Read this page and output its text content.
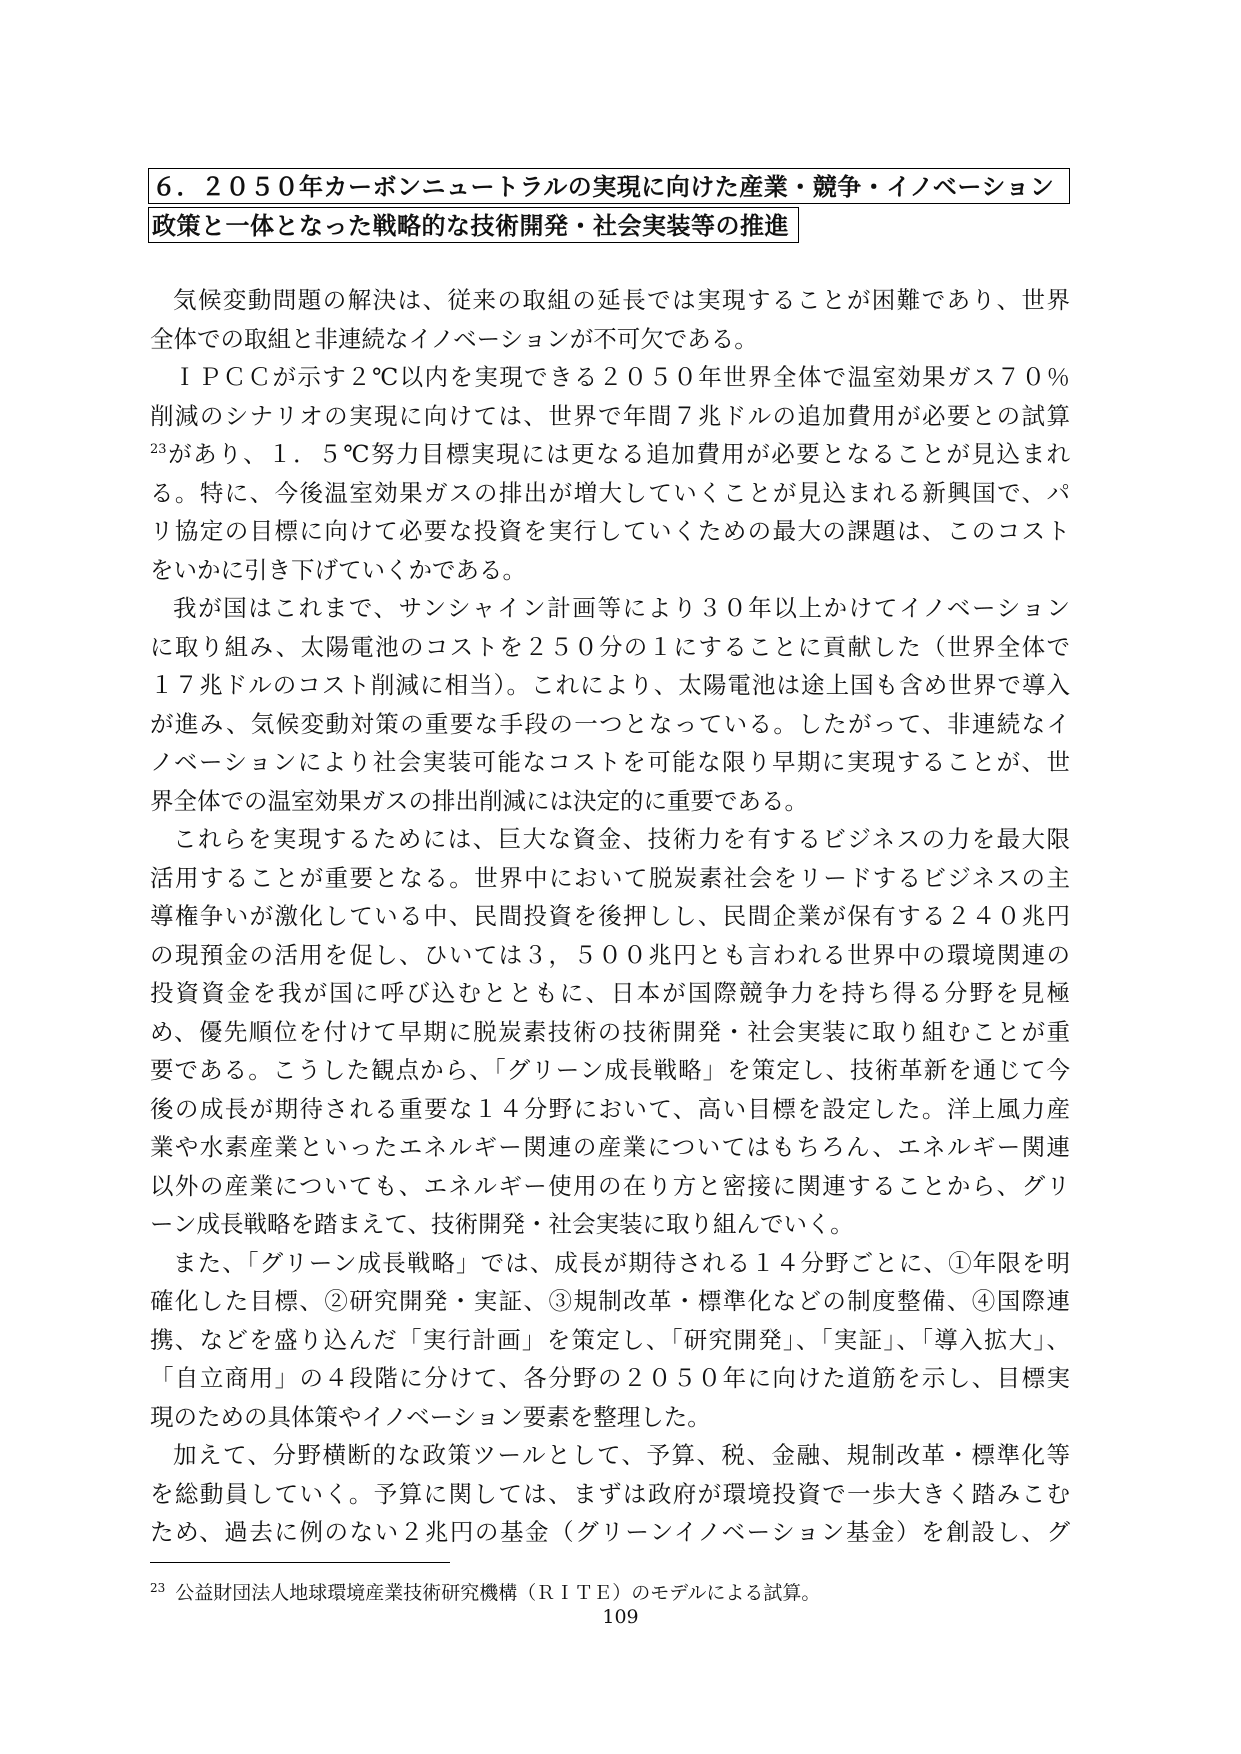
６．２０５０年カーボンニュートラルの実現に向けた産業・競争・イノベーション
政策と一体となった戦略的な技術開発・社会実装等の推進
気候変動問題の解決は、従来の取組の延長では実現することが困難であり、世界
全体での取組と非連続なイノベーションが不可欠である。
ＩＰＣＣが示す２℃以内を実現できる２０５０年世界全体で温室効果ガス７０％
削減のシナリオの実現に向けては、世界で年間７兆ドルの追加費用が必要との試算
$^{23}$があり、１．５℃努力目標実現には更なる追加費用が必要となることが見込まれ
る。特に、今後温室効果ガスの排出が増大していくことが見込まれる新興国で、パ
リ協定の目標に向けて必要な投資を実行していくための最大の課題は、このコスト
をいかに引き下げていくかである。
我が国はこれまで、サンシャイン計画等により３０年以上かけてイノベーション
に取り組み、太陽電池のコストを２５０分の１にすることに貢献した（世界全体で
１７兆ドルのコスト削減に相当）。これにより、太陽電池は途上国も含め世界で導入
が進み、気候変動対策の重要な手段の一つとなっている。したがって、非連続なイ
ノベーションにより社会実装可能なコストを可能な限り早期に実現することが、世
界全体での温室効果ガスの排出削減には決定的に重要である。
これらを実現するためには、巨大な資金、技術力を有するビジネスの力を最大限
活用することが重要となる。世界中において脱炭素社会をリードするビジネスの主
導権争いが激化している中、民間投資を後押しし、民間企業が保有する２４０兆円
の現預金の活用を促し、ひいては３，５００兆円とも言われる世界中の環境関連の
投資資金を我が国に呼び込むとともに、日本が国際競争力を持ち得る分野を見極
め、優先順位を付けて早期に脱炭素技術の技術開発・社会実装に取り組むことが重
要である。こうした観点から、「グリーン成長戦略」を策定し、技術革新を通じて今
後の成長が期待される重要な１４分野において、高い目標を設定した。洋上風力産
業や水素産業といったエネルギー関連の産業についてはもちろん、エネルギー関連
以外の産業についても、エネルギー使用の在り方と密接に関連することから、グリ
ーン成長戦略を踏まえて、技術開発・社会実装に取り組んでいく。
また、「グリーン成長戦略」では、成長が期待される１４分野ごとに、①年限を明
確化した目標、②研究開発・実証、③規制改革・標準化などの制度整備、④国際連
携、などを盛り込んだ「実行計画」を策定し、「研究開発」、「実証」、「導入拡大」、
「自立商用」の４段階に分けて、各分野の２０５０年に向けた道筋を示し、目標実
現のための具体策やイノベーション要素を整理した。
加えて、分野横断的な政策ツールとして、予算、税、金融、規制改革・標準化等
を総動員していく。予算に関しては、まずは政府が環境投資で一歩大きく踏みこむ
ため、過去に例のない２兆円の基金（グリーンイノベーション基金）を創設し、グ
$^{23}$ 公益財団法人地球環境産業技術研究機構（ＲＩＴＥ）のモデルによる試算。
109
